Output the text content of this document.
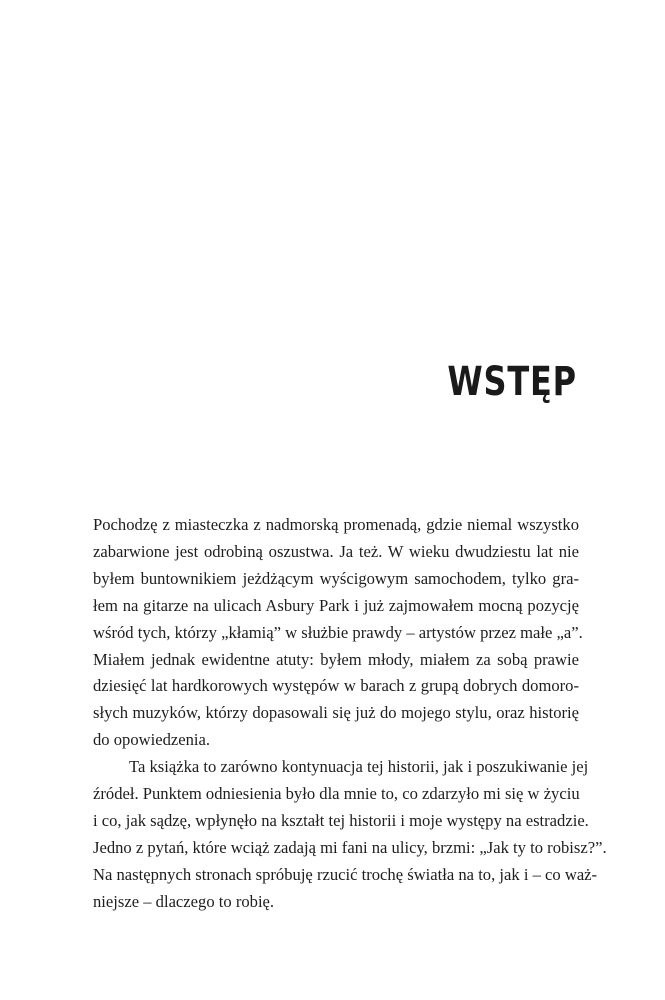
WSTĘP

Pochodzę z miasteczka z nadmorską promenadą, gdzie niemal wszystko
zabarwione jest odrobiną oszustwa. Ja też. W wieku dwudziestu lat nie
byłem buntownikiem jeżdżącym wyścigowym samochodem, tylko gra-
łem na gitarze na ulicach Asbury Park i już zajmowałem mocną pozycję
wśród tych, którzy „kłamią” w służbie prawdy – artystów przez małe „a”.
Miałem jednak ewidentne atuty: byłem młody, miałem za sobą prawie
dziesięć lat hardkorowych występów w barach z grupą dobrych domoro-
słych muzyków, którzy dopasowali się już do mojego stylu, oraz historię
do opowiedzenia.

Ta książka to zarówno kontynuacja tej historii, jak i poszukiwanie jej
źródeł. Punktem odniesienia było dla mnie to, co zdarzyło mi się w życiu
i co, jak sądzę, wpłynęło na kształt tej historii i moje występy na estradzie.
Jedno z pytań, które wciąż zadają mi fani na ulicy, brzmi: „Jak ty to robisz?”.
Na następnych stronach spróbuję rzucić trochę światła na to, jak i – co waż-
niejsze – dlaczego to robię.
